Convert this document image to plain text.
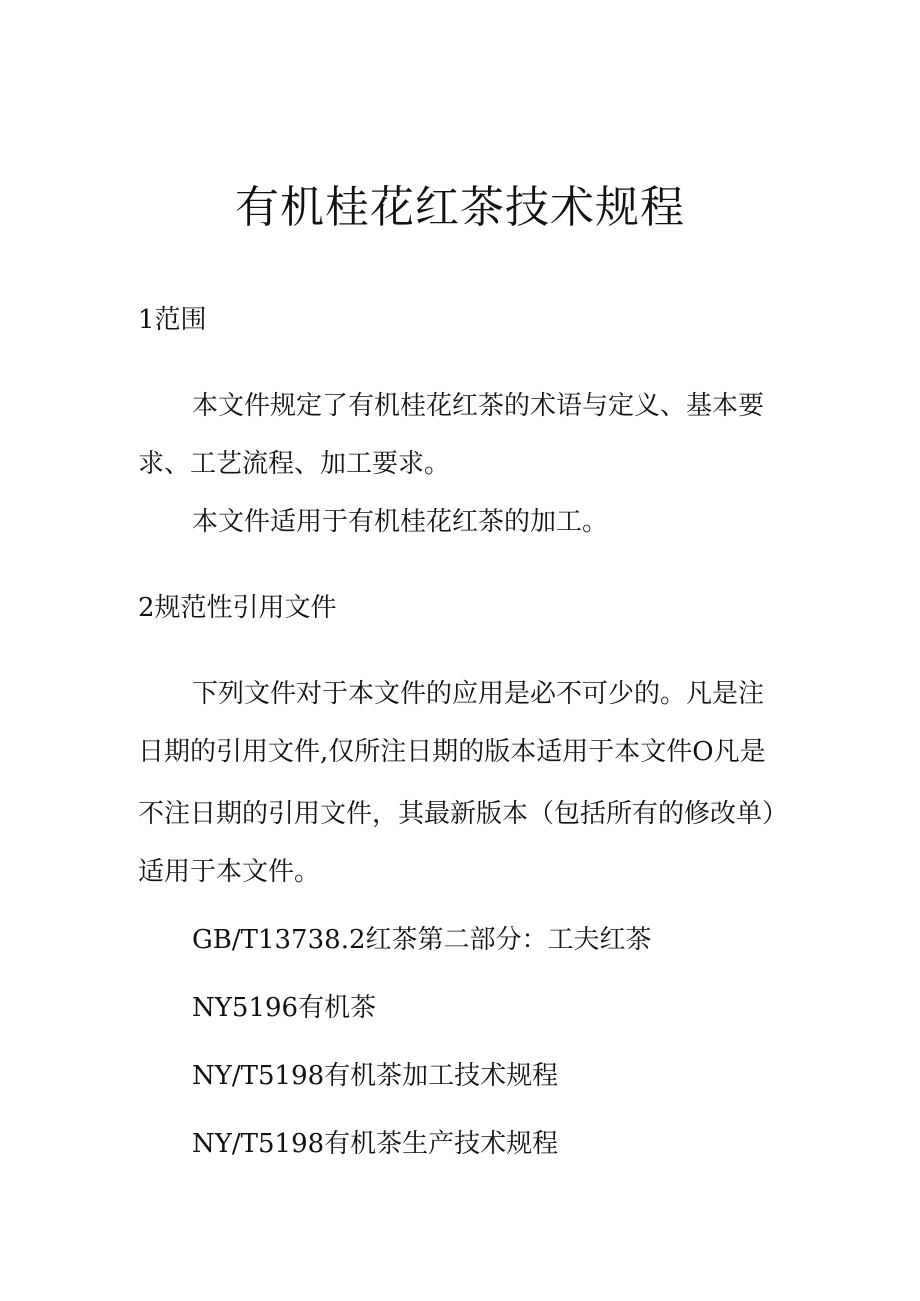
有机桂花红茶技术规程
1范围

本文件规定了有机桂花红茶的术语与定义、基本要

求、工艺流程、加工要求。

本文件适用于有机桂花红茶的加工。

2规范性引用文件

下列文件对于本文件的应用是必不可少的。凡是注

日期的引用文件,仅所注日期的版本适用于本文件O凡是

不注日期的引用文件，其最新版本（包括所有的修改单）

适用于本文件。

GB/T13738.2红茶第二部分：工夫红茶

NY5196有机茶

NY/T5198有机茶加工技术规程

NY/T5198有机茶生产技术规程
